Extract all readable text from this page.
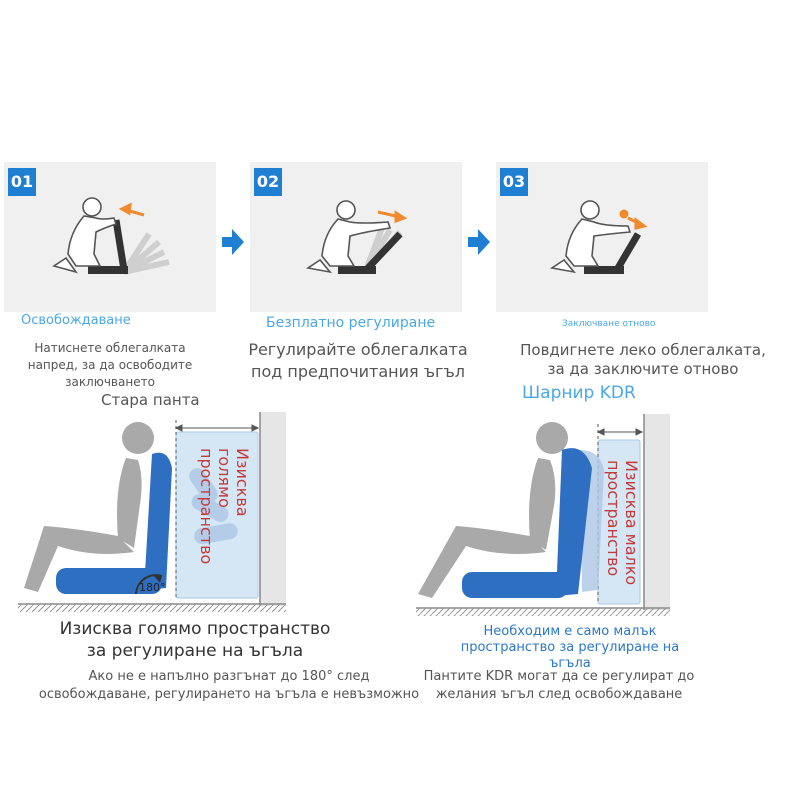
01	02	03
Освобождаване
Натиснете облегалката
напред, за да освободите
заключването
Безплатно регулиране
Регулирайте облегалката
под предпочитания ъгъл
Заключване отново
Повдигнете леко облегалката,
за да заключите отново
Стара панта
180°
Изисква голямо
пространство
Изисква голямо пространство
за регулиране на ъгъла
Ако не е напълно разгънат до 180° след
освобождаване, регулирането на ъгъла е невъзможно
Шарнир KDR
Изисква малко
пространство
Необходим е само малък
пространство за регулиране на ъгъла
Пантите KDR могат да се регулират до
желания ъгъл след освобождаване
